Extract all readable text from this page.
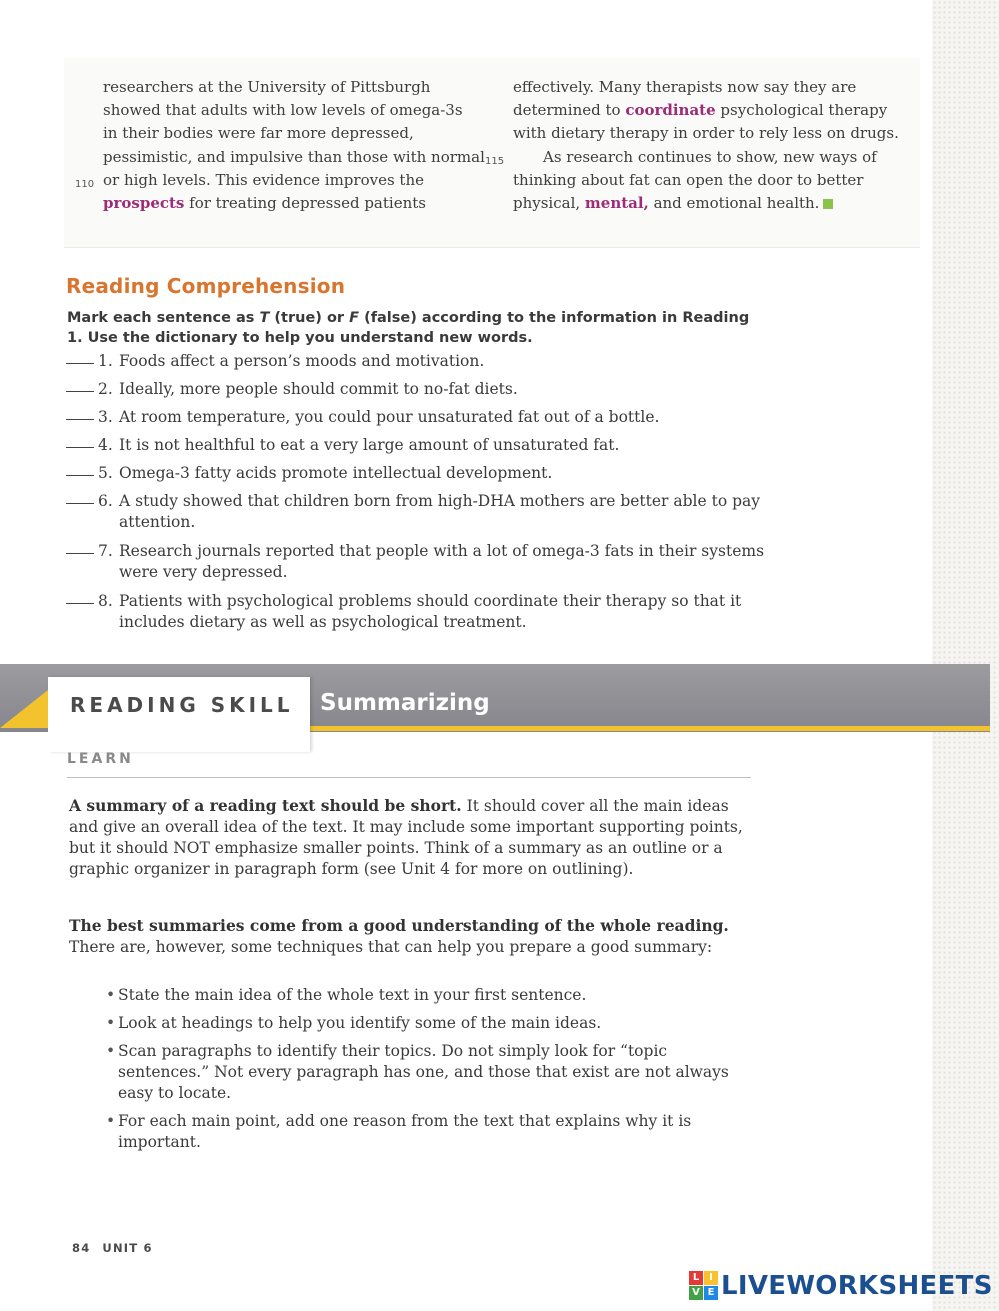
researchers at the University of Pittsburgh
showed that adults with low levels of omega-3s
in their bodies were far more depressed,
pessimistic, and impulsive than those with normal
110 or high levels. This evidence improves the
prospects for treating depressed patients
effectively. Many therapists now say they are
determined to coordinate psychological therapy
with dietary therapy in order to rely less on drugs.
115	As research continues to show, new ways of
thinking about fat can open the door to better
physical, mental, and emotional health.
Reading Comprehension
Mark each sentence as T (true) or F (false) according to the information in Reading 1. Use the dictionary to help you understand new words.
1. Foods affect a person’s moods and motivation.
2. Ideally, more people should commit to no-fat diets.
3. At room temperature, you could pour unsaturated fat out of a bottle.
4. It is not healthful to eat a very large amount of unsaturated fat.
5. Omega-3 fatty acids promote intellectual development.
6. A study showed that children born from high-DHA mothers are better able to pay attention.
7. Research journals reported that people with a lot of omega-3 fats in their systems were very depressed.
8. Patients with psychological problems should coordinate their therapy so that it includes dietary as well as psychological treatment.
READING SKILL Summarizing
LEARN
A summary of a reading text should be short. It should cover all the main ideas and give an overall idea of the text. It may include some important supporting points, but it should NOT emphasize smaller points. Think of a summary as an outline or a graphic organizer in paragraph form (see Unit 4 for more on outlining).
The best summaries come from a good understanding of the whole reading. There are, however, some techniques that can help you prepare a good summary:
• State the main idea of the whole text in your first sentence.
• Look at headings to help you identify some of the main ideas.
• Scan paragraphs to identify their topics. Do not simply look for “topic sentences.” Not every paragraph has one, and those that exist are not always easy to locate.
• For each main point, add one reason from the text that explains why it is important.
84 UNIT 6
L I
V E LIVEWORKSHEETS
